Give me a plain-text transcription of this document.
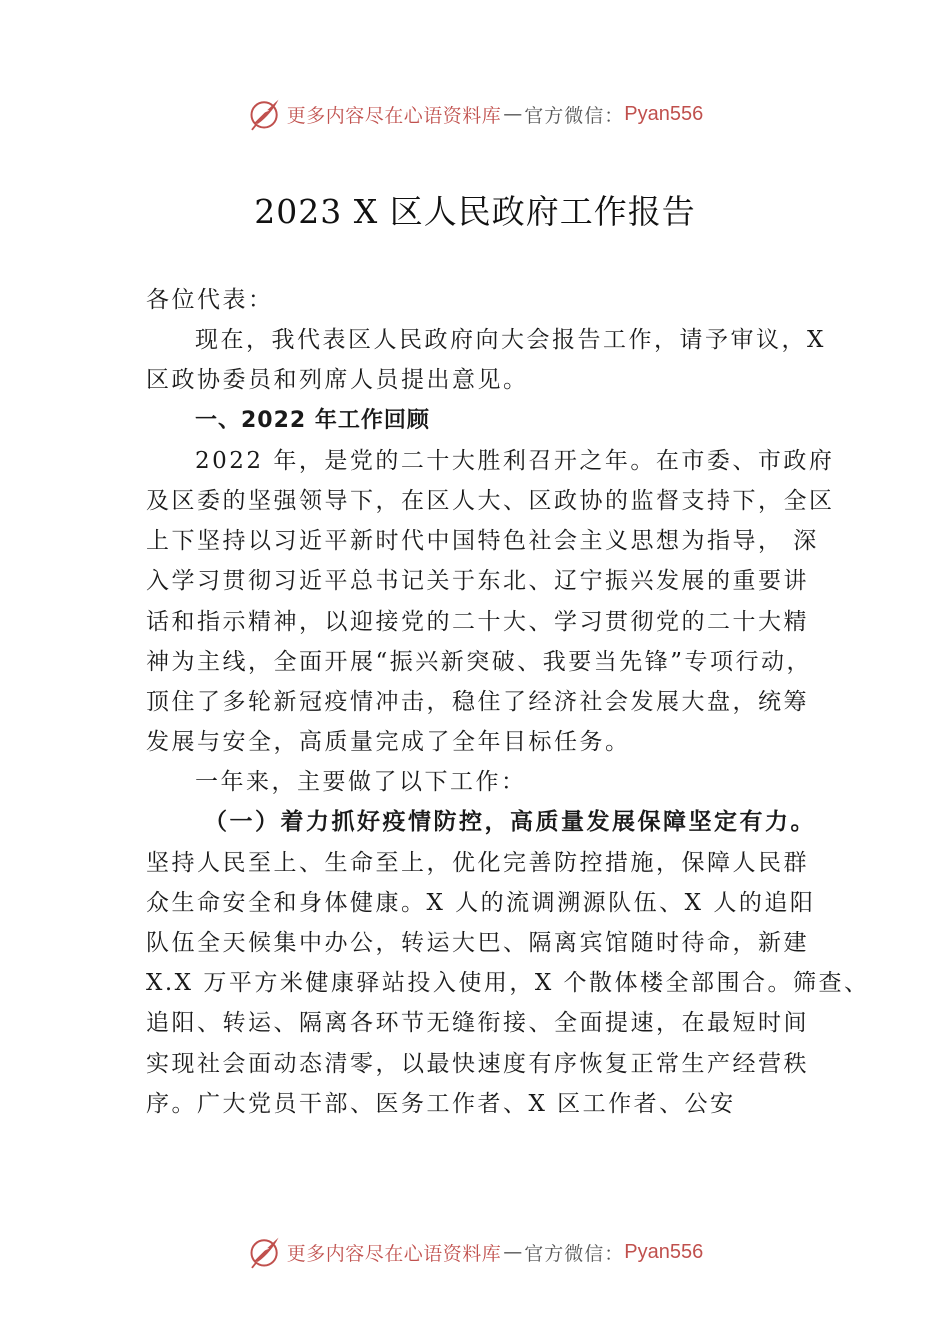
更多内容尽在心语资料库 — 官方微信： Pyan556
2023 X 区人民政府工作报告
各位代表：
现在，我代表区人民政府向大会报告工作，请予审议，X
区政协委员和列席人员提出意见。
一、2022 年工作回顾
2022 年，是党的二十大胜利召开之年。在市委、市政府
及区委的坚强领导下，在区人大、区政协的监督支持下，全区
上下坚持以习近平新时代中国特色社会主义思想为指导， 深
入学习贯彻习近平总书记关于东北、辽宁振兴发展的重要讲
话和指示精神，以迎接党的二十大、学习贯彻党的二十大精
神为主线，全面开展“振兴新突破、我要当先锋”专项行动，
顶住了多轮新冠疫情冲击，稳住了经济社会发展大盘，统筹
发展与安全，高质量完成了全年目标任务。
一年来，主要做了以下工作：
（一）着力抓好疫情防控，高质量发展保障坚定有力。
坚持人民至上、生命至上，优化完善防控措施，保障人民群
众生命安全和身体健康。X 人的流调溯源队伍、X 人的追阳
队伍全天候集中办公，转运大巴、隔离宾馆随时待命，新建
X.X 万平方米健康驿站投入使用，X 个散体楼全部围合。筛查、
追阳、转运、隔离各环节无缝衔接、全面提速，在最短时间
实现社会面动态清零，以最快速度有序恢复正常生产经营秩
序。广大党员干部、医务工作者、X 区工作者、公安
更多内容尽在心语资料库 — 官方微信： Pyan556
